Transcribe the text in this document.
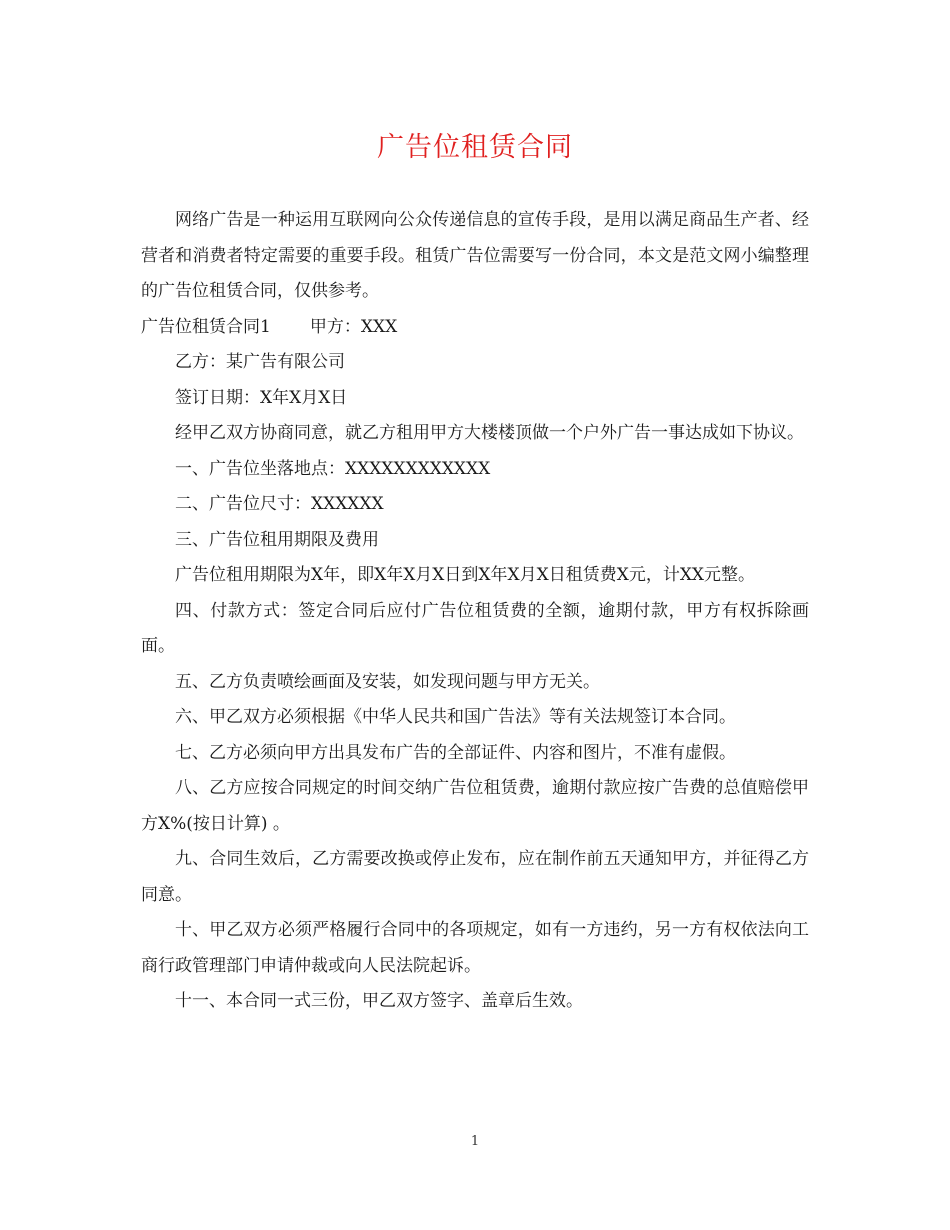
广告位租赁合同

网络广告是一种运用互联网向公众传递信息的宣传手段，是用以满足商品生产者、经营者和消费者特定需要的重要手段。租赁广告位需要写一份合同，本文是范文网小编整理的广告位租赁合同，仅供参考。

广告位租赁合同1 甲方：XXX

乙方：某广告有限公司

签订日期：X年X月X日

经甲乙双方协商同意，就乙方租用甲方大楼楼顶做一个户外广告一事达成如下协议。

一、广告位坐落地点：XXXXXXXXXXXX

二、广告位尺寸：XXXXXX

三、广告位租用期限及费用

广告位租用期限为X年，即X年X月X日到X年X月X日租赁费X元，计XX元整。

四、付款方式：签定合同后应付广告位租赁费的全额，逾期付款，甲方有权拆除画面。

五、乙方负责喷绘画面及安装，如发现问题与甲方无关。

六、甲乙双方必须根据《中华人民共和国广告法》等有关法规签订本合同。

七、乙方必须向甲方出具发布广告的全部证件、内容和图片，不准有虚假。

八、乙方应按合同规定的时间交纳广告位租赁费，逾期付款应按广告费的总值赔偿甲方X%(按日计算) 。

九、合同生效后，乙方需要改换或停止发布，应在制作前五天通知甲方，并征得乙方同意。

十、甲乙双方必须严格履行合同中的各项规定，如有一方违约，另一方有权依法向工商行政管理部门申请仲裁或向人民法院起诉。

十一、本合同一式三份，甲乙双方签字、盖章后生效。

1
